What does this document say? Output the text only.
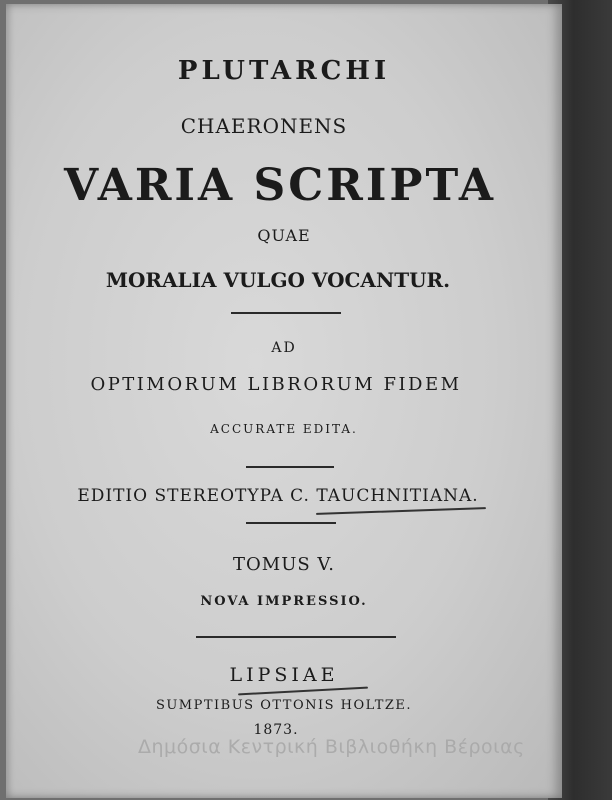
PLUTARCHI
CHAERONENS
VARIA SCRIPTA
QUAE
MORALIA VULGO VOCANTUR.
AD
OPTIMORUM LIBRORUM FIDEM
ACCURATE EDITA.
EDITIO STEREOTYPA C. TAUCHNITIANA.
TOMUS V.
NOVA IMPRESSIO.
LIPSIAE
SUMPTIBUS OTTONIS HOLTZE.
1873.
Δημόσια Κεντρική Βιβλιοθήκη Βέροιας
